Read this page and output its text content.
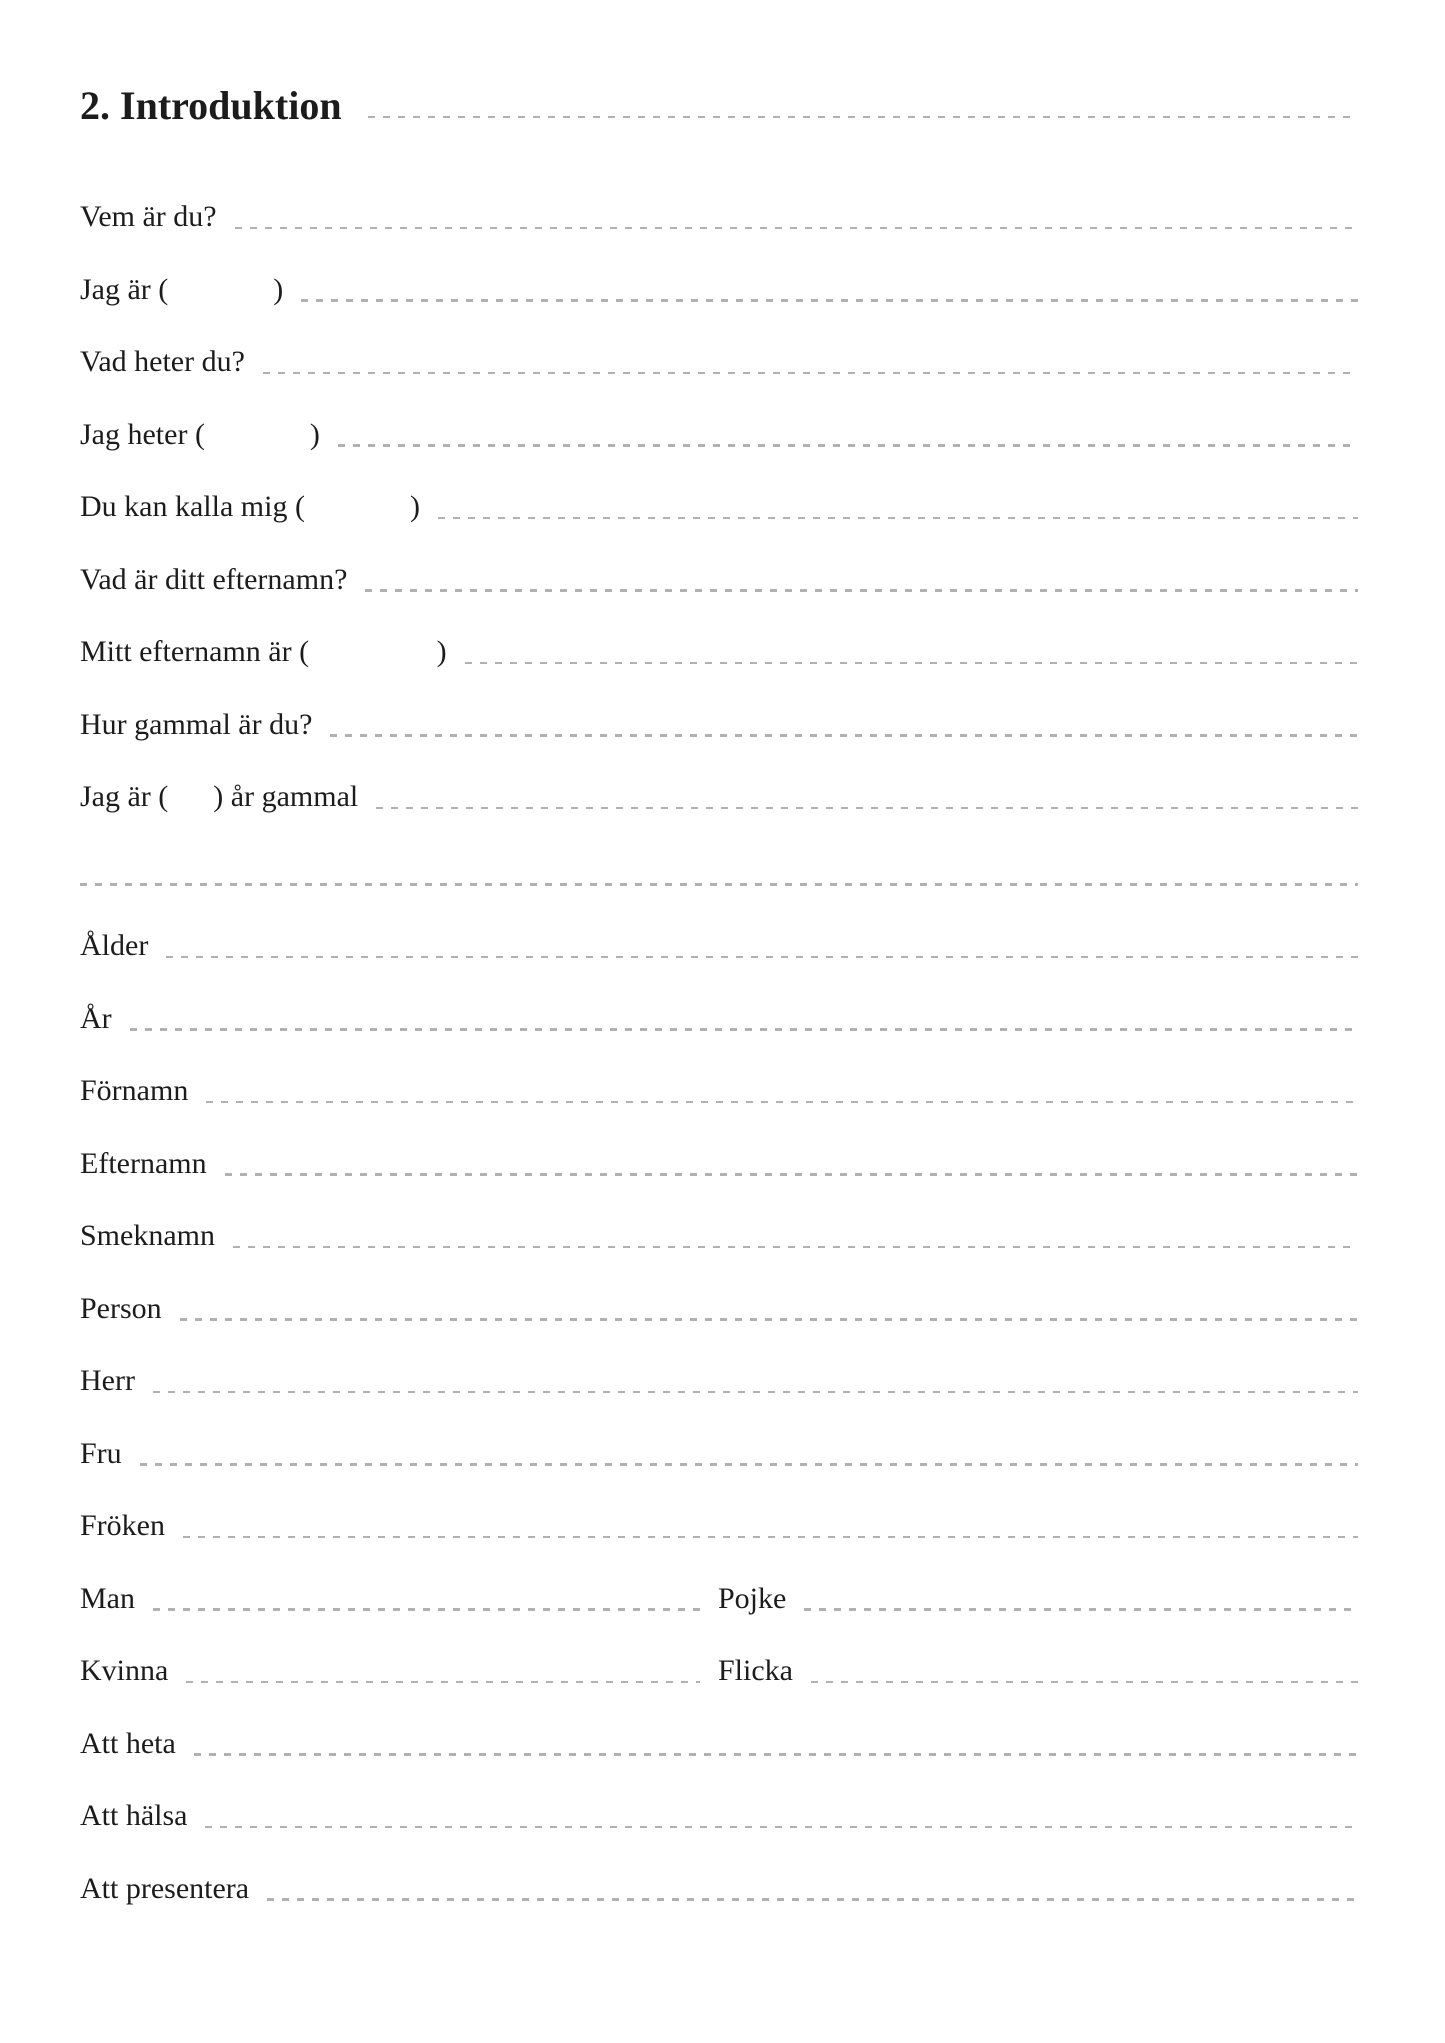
2. Introduktion
Vem är du?
Jag är (              )
Vad heter du?
Jag heter (              )
Du kan kalla mig (              )
Vad är ditt efternamn?
Mitt efternamn är (                 )
Hur gammal är du?
Jag är (      ) år gammal
Ålder
År
Förnamn
Efternamn
Smeknamn
Person
Herr
Fru
Fröken
Man	Pojke
Kvinna	Flicka
Att heta
Att hälsa
Att presentera
